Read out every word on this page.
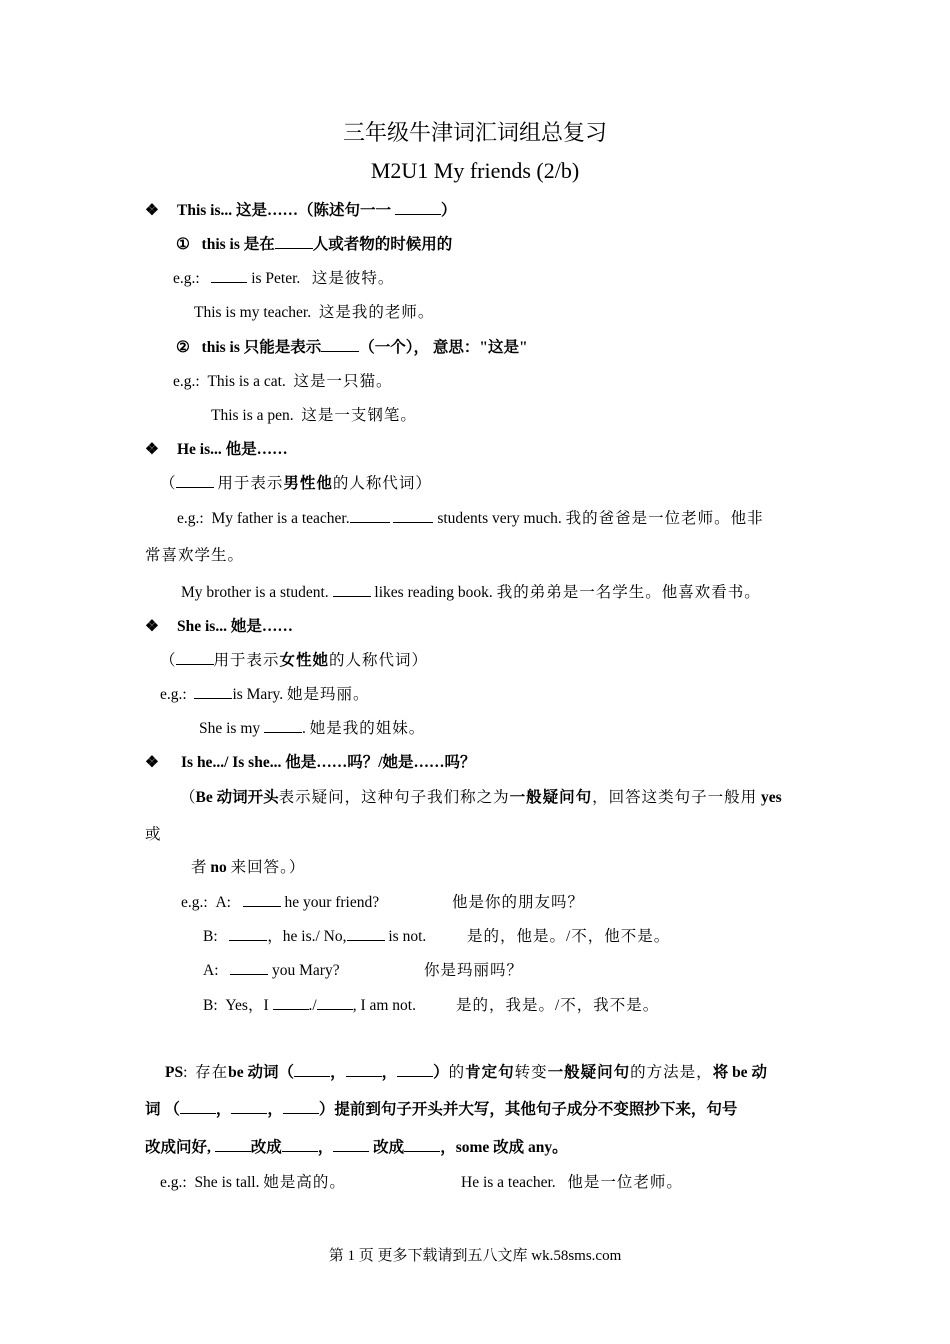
三年级牛津词汇词组总复习
M2U1 My friends (2/b)
❖ This is... 这是……（陈述句一一	）
① this is 是在 人或者物的时候用的
e.g.:	is Peter. 这是彼特。
This is my teacher. 这是我的老师。
② this is 只能是表示 （一个）， 意思："这是"
e.g.: This is a cat. 这是一只猫。
This is a pen. 这是一支钢笔。
❖ He is... 他是……
（	用于表示男性他的人称代词）
e.g.: My father is a teacher.	students very much. 我的爸爸是一位老师。他非
常喜欢学生。
My brother is a student.	likes reading book. 我的弟弟是一名学生。他喜欢看书。
❖ She is... 她是……
（ 用于表示女性她的人称代词）
e.g.:	is Mary. 她是玛丽。
She is my	. 她是我的姐妹。
❖ Is he.../ Is she... 他是……吗？/她是……吗？
（Be 动词开头表示疑问，这种句子我们称之为一般疑问句，回答这类句子一般用 yes
或
者 no 来回答。）
e.g.: A:	he your friend?	他是你的朋友吗？
B:	，he is./ No,	is not.	是的，他是。/不，他不是。
A:	you Mary?	你是玛丽吗？
B: Yes，I	./ , I am not.	是的，我是。/不，我不是。
PS: 存在be 动词（ ， ， ）的肯定句转变一般疑问句的方法是，将 be 动
词 （ ， ， ）提前到句子开头并大写，其他句子成分不变照抄下来，句号
改成问好,	改成 ，	改成 ，some 改成 any。
e.g.: She is tall. 她是高的。	He is a teacher. 他是一位老师。
第 1 页 更多下载请到五八文库 wk.58sms.com
